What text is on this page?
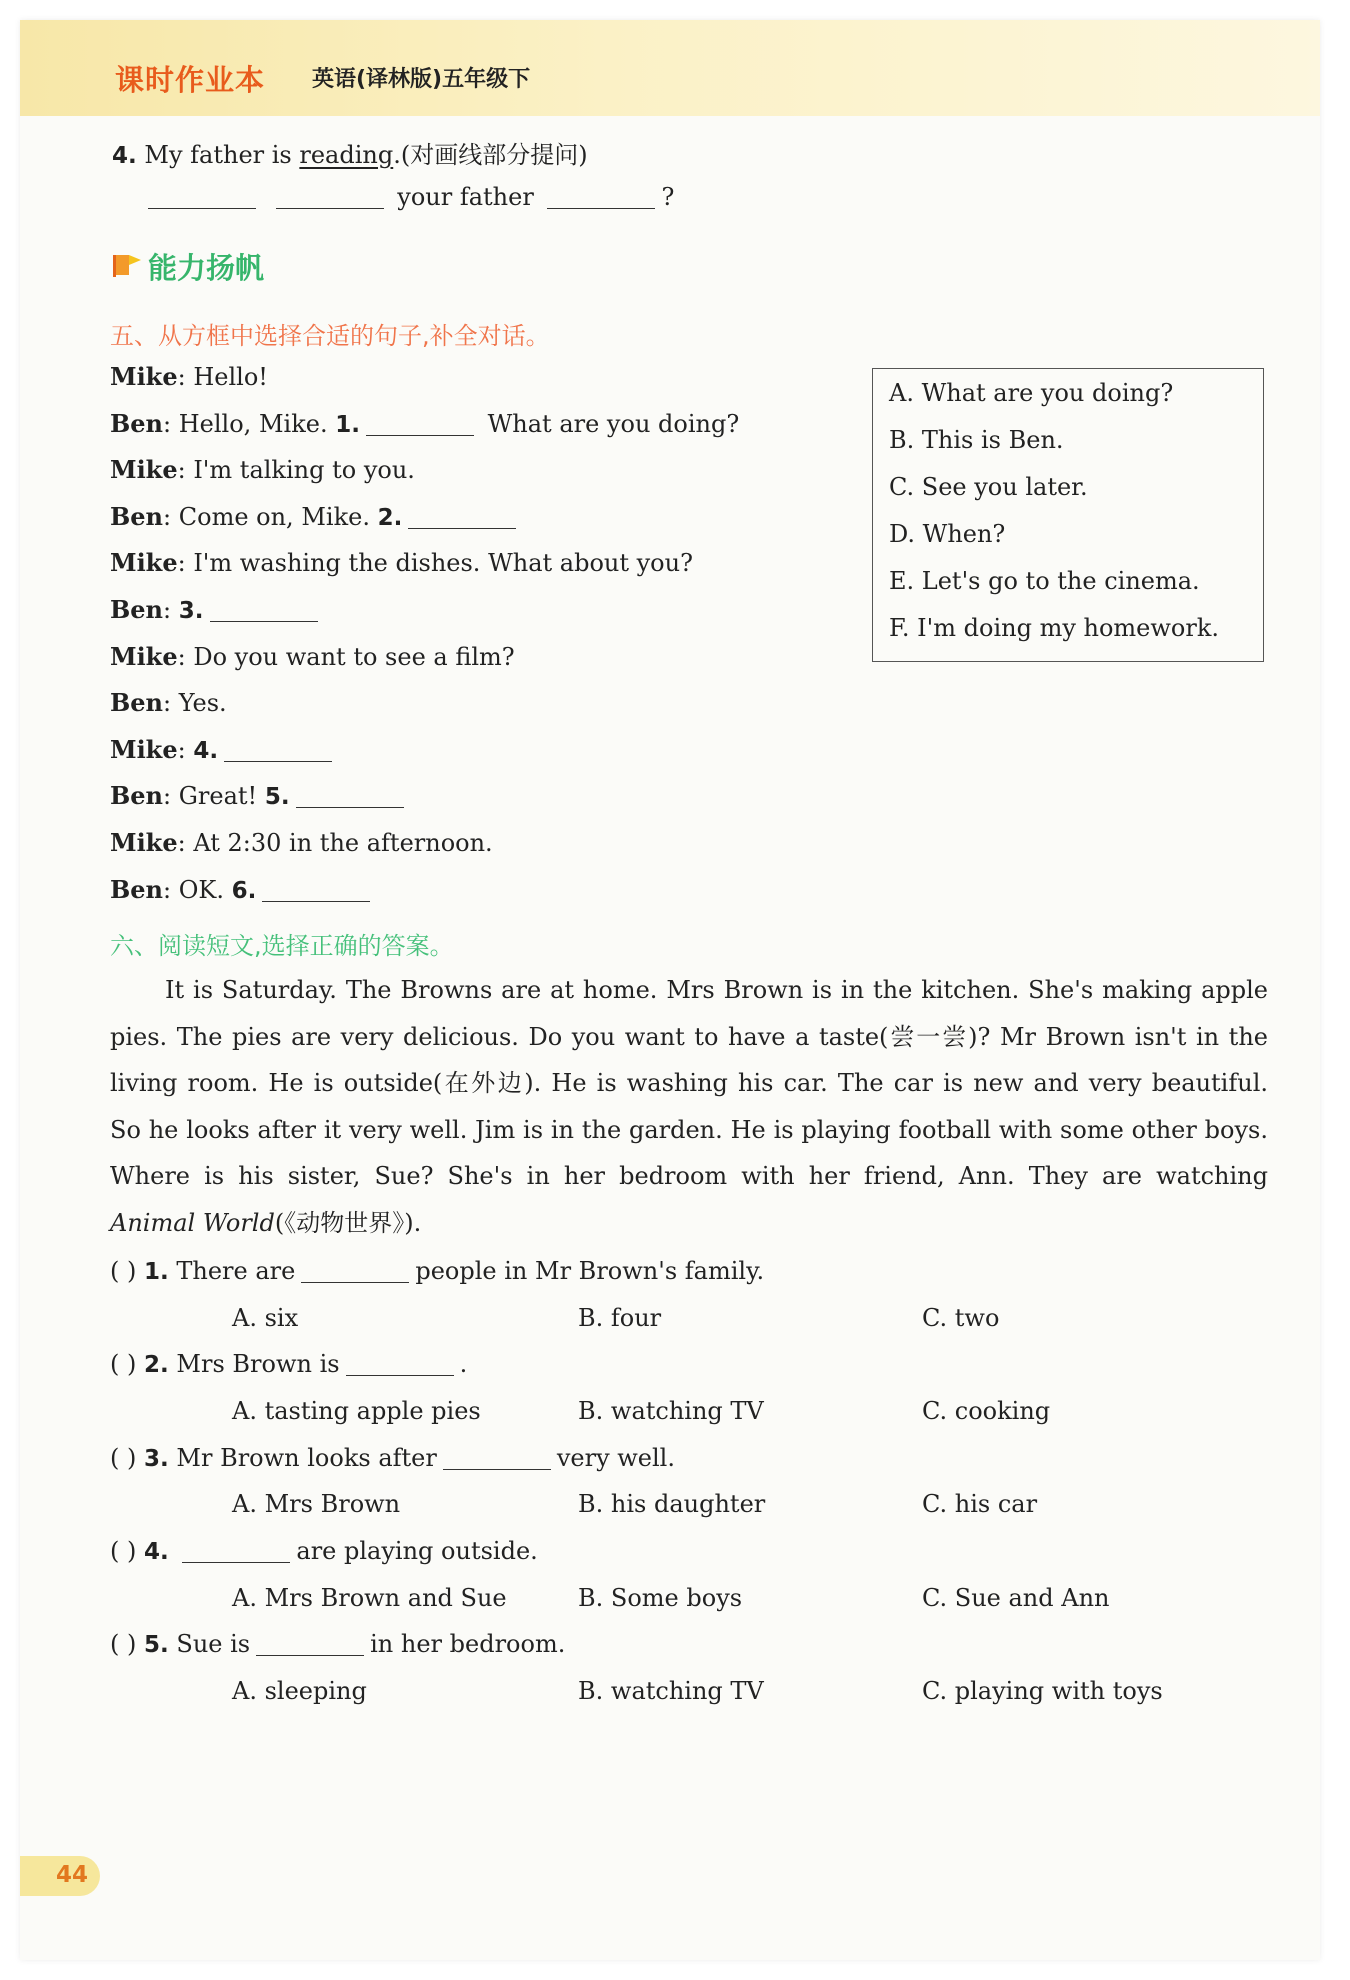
课时作业本 英语(译林版)五年级下
4. My father is reading.(对画线部分提问)
your father	?
能力扬帆
五、从方框中选择合适的句子,补全对话。
Mike: Hello!
Ben: Hello, Mike. 1.	What are you doing?
Mike: I'm talking to you.
Ben: Come on, Mike. 2.
Mike: I'm washing the dishes. What about you?
Ben: 3.
Mike: Do you want to see a film?
Ben: Yes.
Mike: 4.
Ben: Great! 5.
Mike: At 2:30 in the afternoon.
Ben: OK. 6.
A. What are you doing?
B. This is Ben.
C. See you later.
D. When?
E. Let's go to the cinema.
F. I'm doing my homework.
六、阅读短文,选择正确的答案。
It is Saturday. The Browns are at home. Mrs Brown is in the kitchen. She's making apple
pies. The pies are very delicious. Do you want to have a taste(尝一尝)? Mr Brown isn't in the
living room. He is outside(在外边). He is washing his car. The car is new and very beautiful.
So he looks after it very well. Jim is in the garden. He is playing football with some other boys.
Where is his sister, Sue? She's in her bedroom with her friend, Ann. They are watching
Animal World(《动物世界》).
( ) 1. There are	people in Mr Brown's family.
A. six	B. four	C. two
( ) 2. Mrs Brown is	.
A. tasting apple pies	B. watching TV	C. cooking
( ) 3. Mr Brown looks after	very well.
A. Mrs Brown	B. his daughter	C. his car
( ) 4.	are playing outside.
A. Mrs Brown and Sue	B. Some boys	C. Sue and Ann
( ) 5. Sue is	in her bedroom.
A. sleeping	B. watching TV	C. playing with toys
44
